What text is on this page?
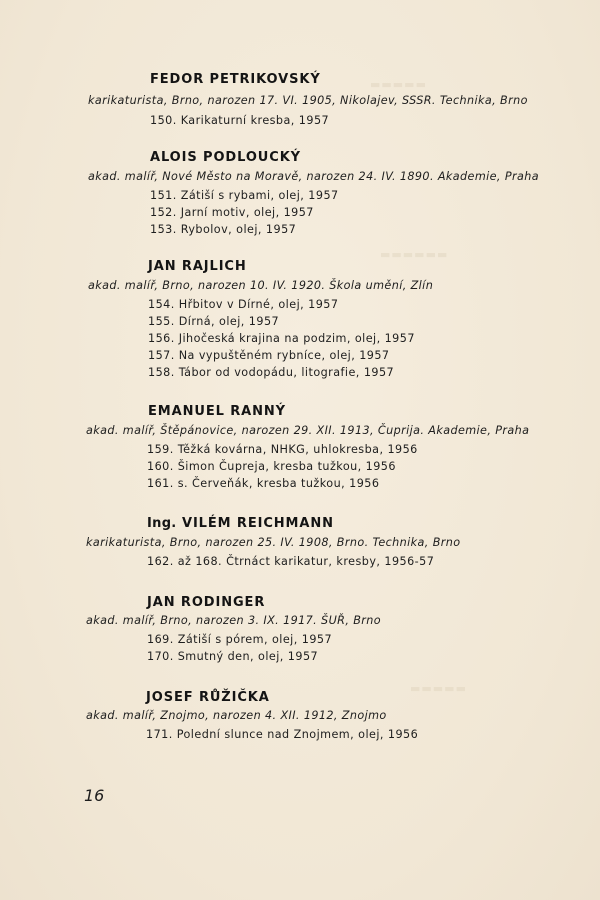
▬▬▬▬▬
▬▬▬▬▬▬
▬▬▬▬▬
FEDOR PETRIKOVSKÝ
karikaturista, Brno, narozen 17. VI. 1905, Nikolajev, SSSR. Technika, Brno
150. Karikaturní kresba, 1957
ALOIS PODLOUCKÝ
akad. malíř, Nové Město na Moravě, narozen 24. IV. 1890. Akademie, Praha
151. Zátiší s rybami, olej, 1957
152. Jarní motiv, olej, 1957
153. Rybolov, olej, 1957
JAN RAJLICH
akad. malíř, Brno, narozen 10. IV. 1920. Škola umění, Zlín
154. Hřbitov v Dírné, olej, 1957
155. Dírná, olej, 1957
156. Jihočeská krajina na podzim, olej, 1957
157. Na vypuštěném rybníce, olej, 1957
158. Tábor od vodopádu, litografie, 1957
EMANUEL RANNÝ
akad. malíř, Štěpánovice, narozen 29. XII. 1913, Čuprija. Akademie, Praha
159. Těžká kovárna, NHKG, uhlokresba, 1956
160. Šimon Čupreja, kresba tužkou, 1956
161. s. Červeňák, kresba tužkou, 1956
Ing. VILÉM REICHMANN
karikaturista, Brno, narozen 25. IV. 1908, Brno. Technika, Brno
162. až 168. Čtrnáct karikatur, kresby, 1956-57
JAN RODINGER
akad. malíř, Brno, narozen 3. IX. 1917. ŠUŘ, Brno
169. Zátiší s pórem, olej, 1957
170. Smutný den, olej, 1957
JOSEF RŮŽIČKA
akad. malíř, Znojmo, narozen 4. XII. 1912, Znojmo
171. Polední slunce nad Znojmem, olej, 1956
16
